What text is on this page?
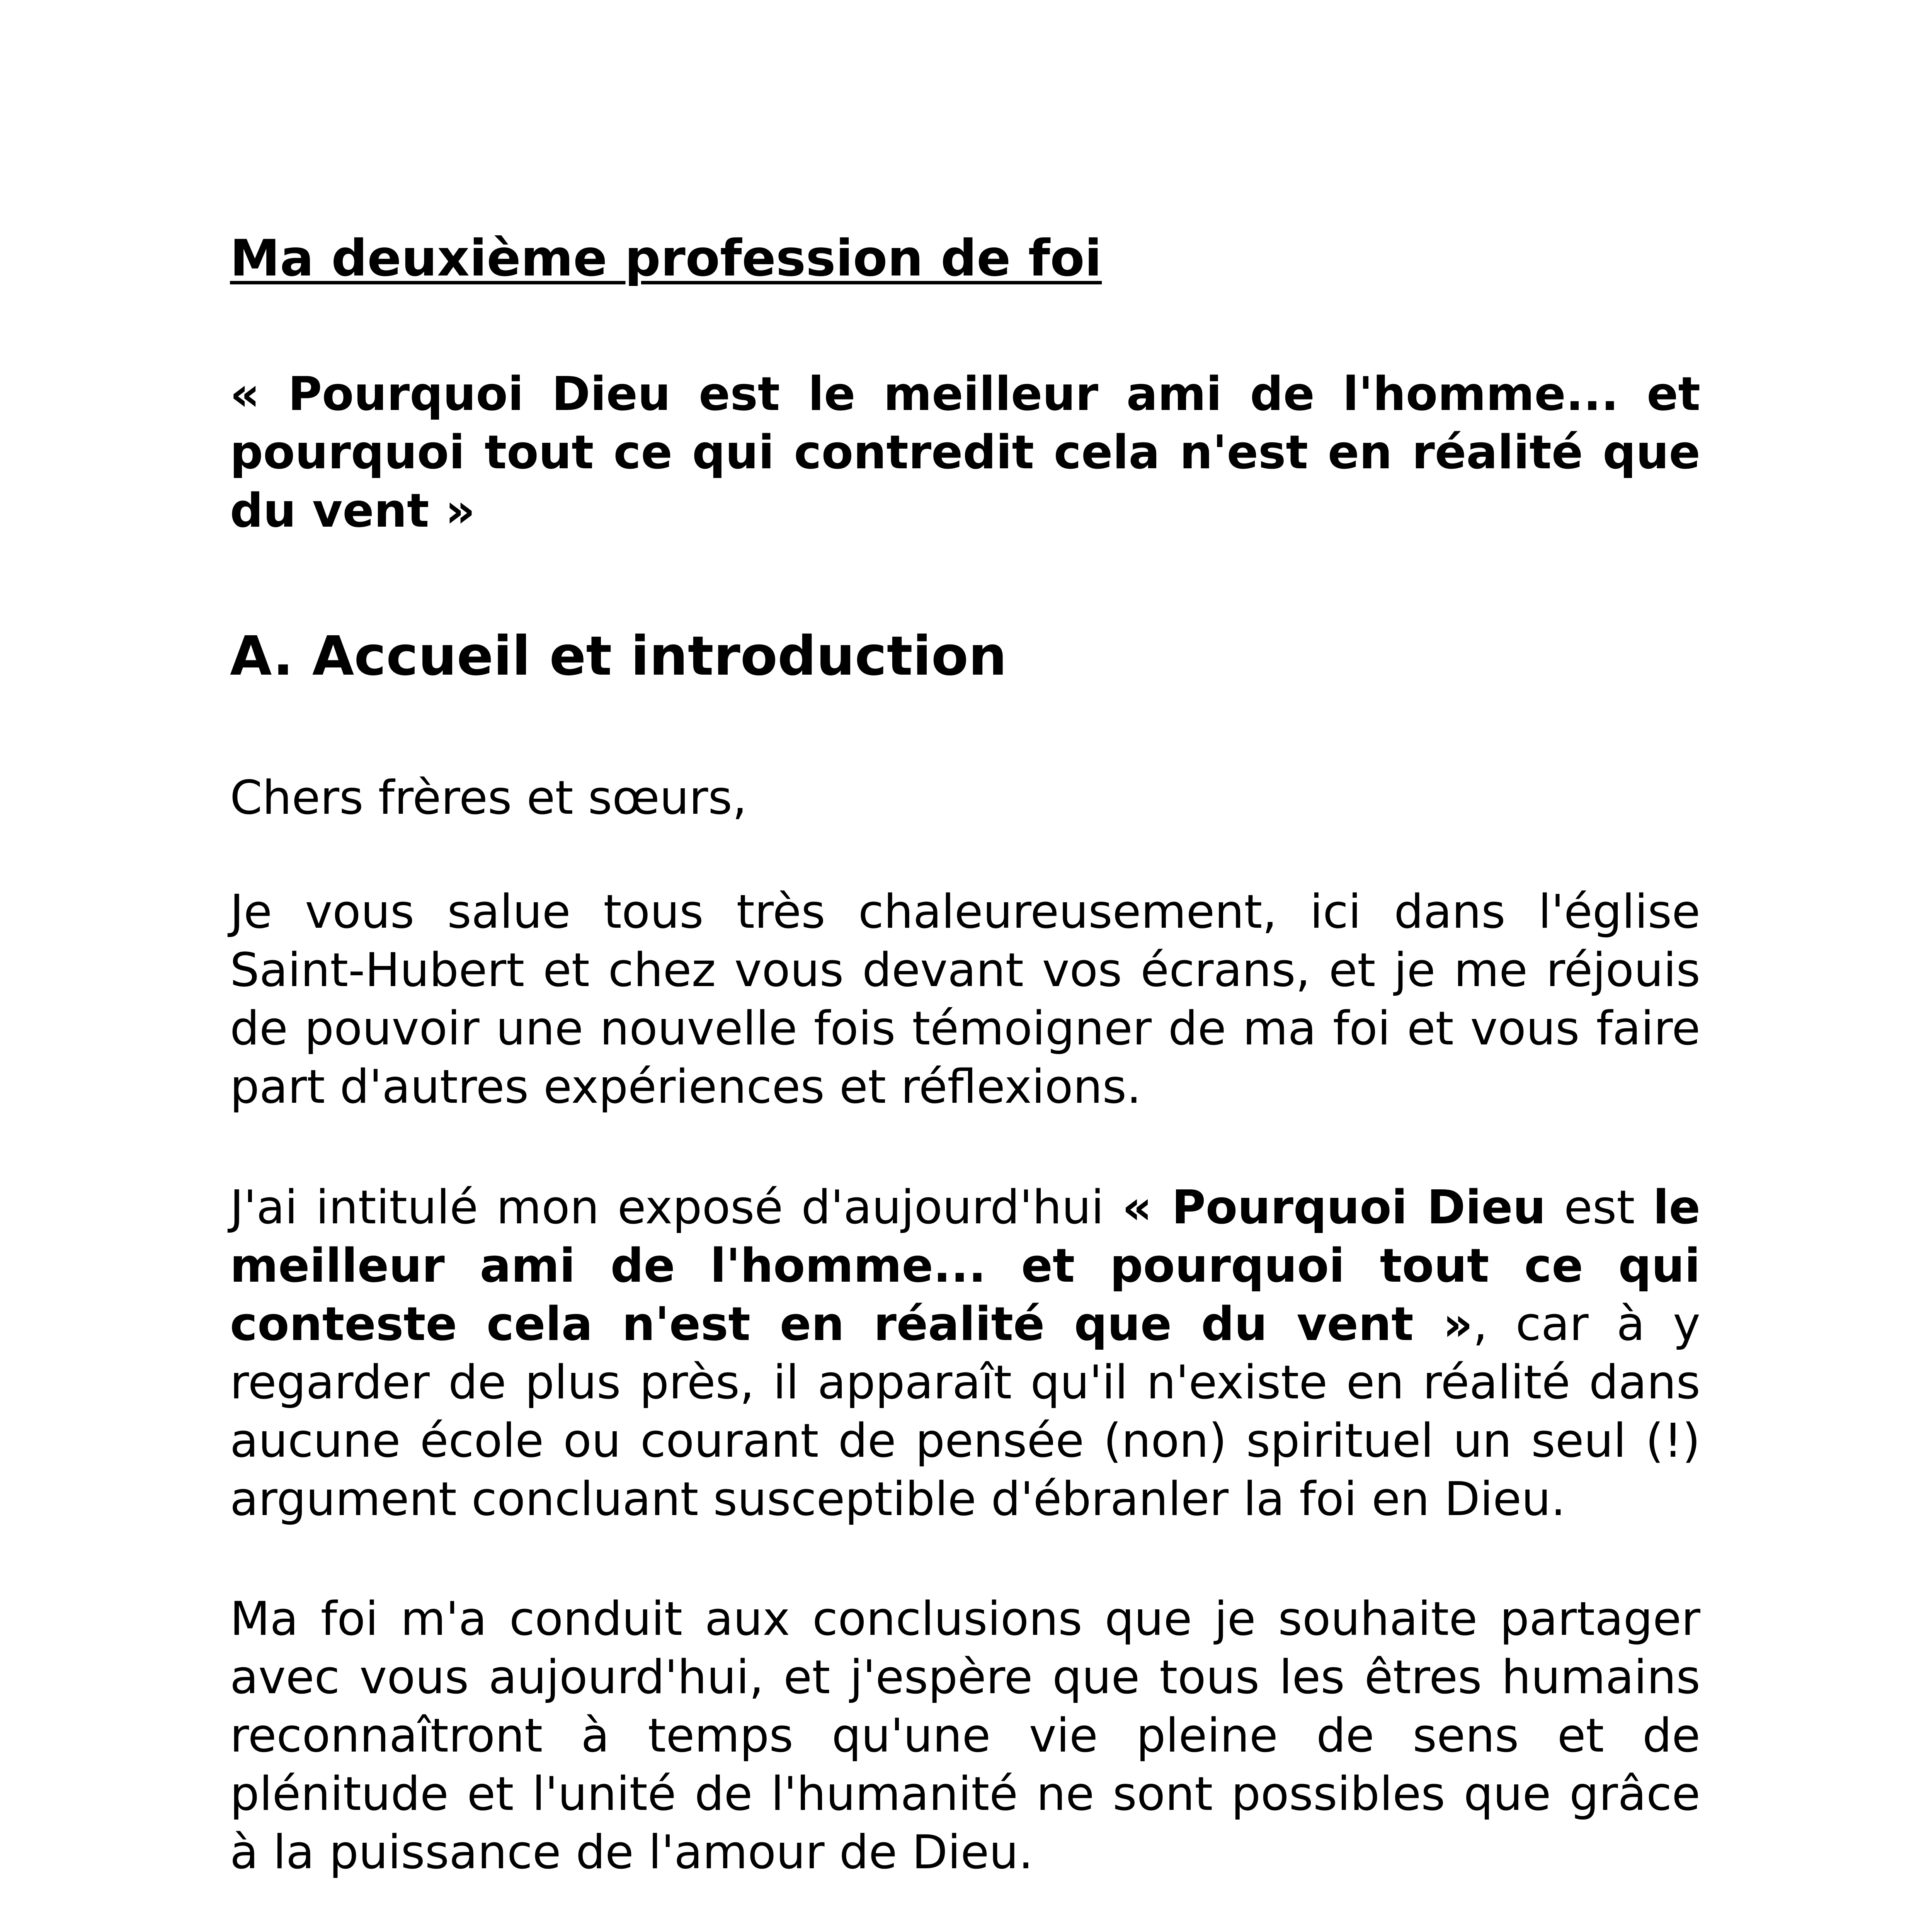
Ma deuxième profession de foi

« Pourquoi Dieu est le meilleur ami de l'homme... et pourquoi tout ce qui contredit cela n'est en réalité que du vent »

A. Accueil et introduction

Chers frères et sœurs,

Je vous salue tous très chaleureusement, ici dans l'église Saint-Hubert et chez vous devant vos écrans, et je me réjouis de pouvoir une nouvelle fois témoigner de ma foi et vous faire part d'autres expériences et réflexions.

J'ai intitulé mon exposé d'aujourd'hui « Pourquoi Dieu est le meilleur ami de l'homme... et pourquoi tout ce qui conteste cela n'est en réalité que du vent », car à y regarder de plus près, il apparaît qu'il n'existe en réalité dans aucune école ou courant de pensée (non) spirituel un seul (!) argument concluant susceptible d'ébranler la foi en Dieu.

Ma foi m'a conduit aux conclusions que je souhaite partager avec vous aujourd'hui, et j'espère que tous les êtres humains reconnaîtront à temps qu'une vie pleine de sens et de plénitude et l'unité de l'humanité ne sont possibles que grâce à la puissance de l'amour de Dieu.
